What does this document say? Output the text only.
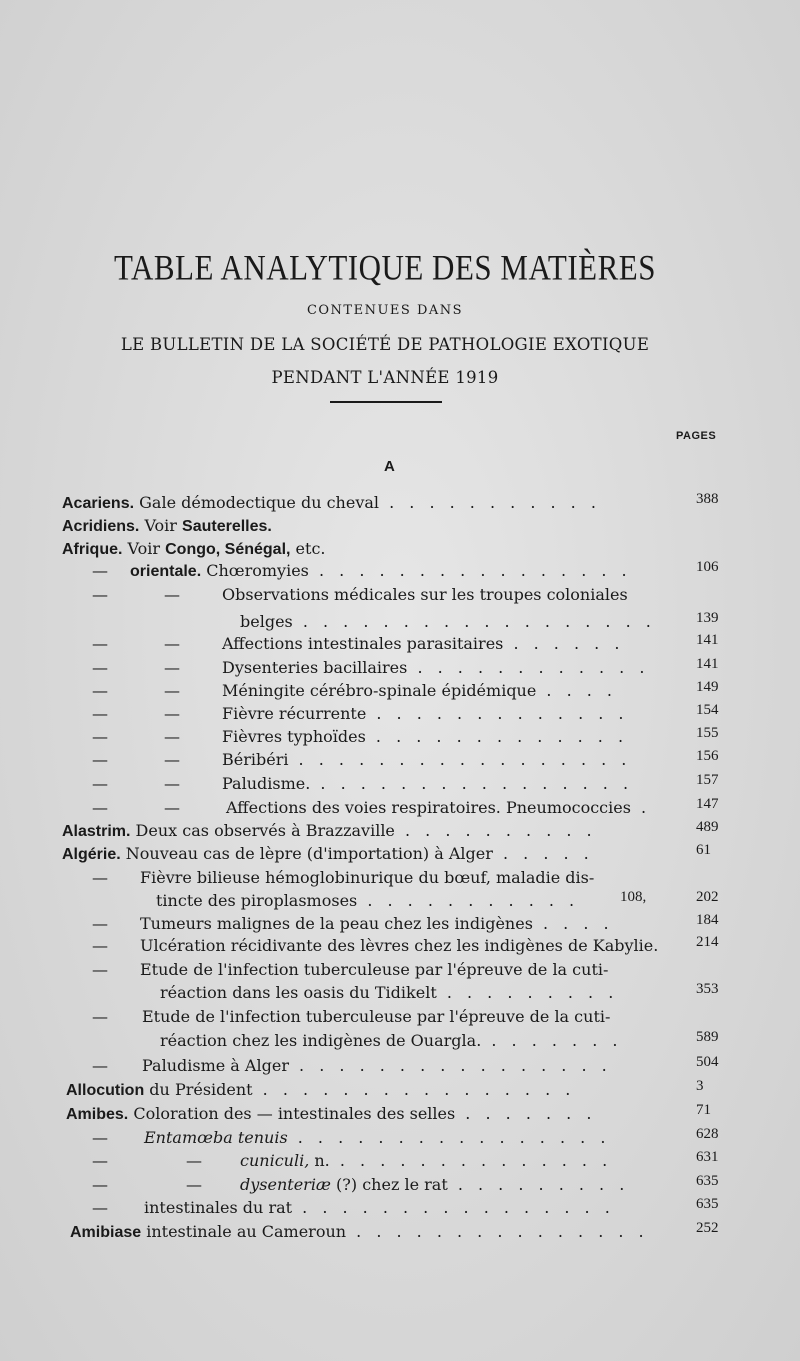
TABLE ANALYTIQUE DES MATIÈRES
CONTENUES DANS
LE BULLETIN DE LA SOCIÉTÉ DE PATHOLOGIE EXOTIQUE
PENDANT L'ANNÉE 1919
PAGES
A
Acariens. Gale démodectique du cheval . . . . . . . . . . .	388
Acridiens. Voir Sauterelles.
Afrique. Voir Congo, Sénégal, etc.
— orientale. Chœromyies . . . . . . . . . . . . . . . .	106
—	—	Observations médicales sur les troupes coloniales
belges . . . . . . . . . . . . . . . . . .	139
—	—	Affections intestinales parasitaires . . . . . .	141
—	—	Dysenteries bacillaires . . . . . . . . . . . .	141
—	—	Méningite cérébro-spinale épidémique . . . .	149
—	—	Fièvre récurrente . . . . . . . . . . . . .	154
—	—	Fièvres typhoïdes . . . . . . . . . . . . .	155
—	—	Béribéri . . . . . . . . . . . . . . . . .	156
—	—	Paludisme. . . . . . . . . . . . . . . . .	157
—	—	Affections des voies respiratoires. Pneumococcies .	147
Alastrim. Deux cas observés à Brazzaville . . . . . . . . . .	489
Algérie. Nouveau cas de lèpre (d'importation) à Alger . . . . .	61
— Fièvre bilieuse hémoglobinurique du bœuf, maladie dis-
tincte des piroplasmoses . . . . . . . . . . .	108,	202
— Tumeurs malignes de la peau chez les indigènes . . . .	184
— Ulcération récidivante des lèvres chez les indigènes de Kabylie.	214
— Etude de l'infection tuberculeuse par l'épreuve de la cuti-
réaction dans les oasis du Tidikelt . . . . . . . . .	353
— Etude de l'infection tuberculeuse par l'épreuve de la cuti-
réaction chez les indigènes de Ouargla. . . . . . . .	589
— Paludisme à Alger . . . . . . . . . . . . . . . .	504
Allocution du Président . . . . . . . . . . . . . . . .	3
Amibes. Coloration des — intestinales des selles . . . . . . .	71
— Entamœba tenuis . . . . . . . . . . . . . . . .	628
—	— cuniculi, n. . . . . . . . . . . . . . .	631
—	— dysenteriæ (?) chez le rat . . . . . . . . .	635
— intestinales du rat . . . . . . . . . . . . . . . .	635
Amibiase intestinale au Cameroun . . . . . . . . . . . . . . .	252
